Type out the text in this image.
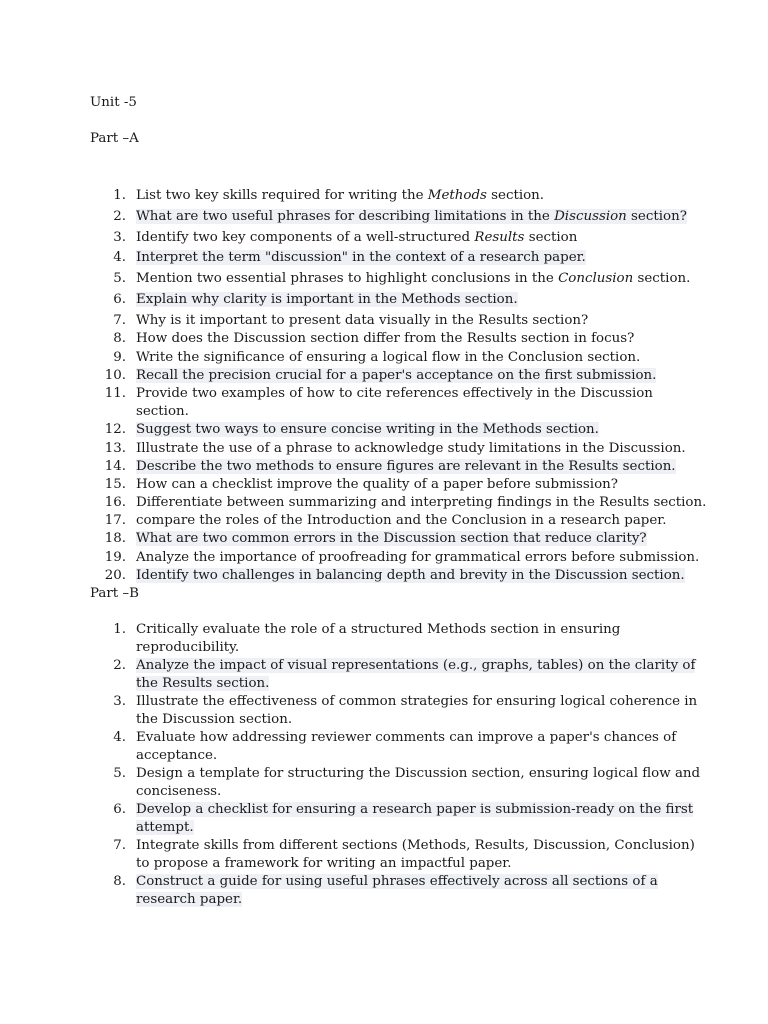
Unit -5
Part –A
1. List two key skills required for writing the Methods section.
2. What are two useful phrases for describing limitations in the Discussion section?
3. Identify two key components of a well-structured Results section
4. Interpret the term "discussion" in the context of a research paper.
5. Mention two essential phrases to highlight conclusions in the Conclusion section.
6. Explain why clarity is important in the Methods section.
7. Why is it important to present data visually in the Results section?
8. How does the Discussion section differ from the Results section in focus?
9. Write the significance of ensuring a logical flow in the Conclusion section.
10. Recall the precision crucial for a paper's acceptance on the first submission.
11. Provide two examples of how to cite references effectively in the Discussion section.
12. Suggest two ways to ensure concise writing in the Methods section.
13. Illustrate the use of a phrase to acknowledge study limitations in the Discussion.
14. Describe the two methods to ensure figures are relevant in the Results section.
15. How can a checklist improve the quality of a paper before submission?
16. Differentiate between summarizing and interpreting findings in the Results section.
17. compare the roles of the Introduction and the Conclusion in a research paper.
18. What are two common errors in the Discussion section that reduce clarity?
19. Analyze the importance of proofreading for grammatical errors before submission.
20. Identify two challenges in balancing depth and brevity in the Discussion section.
Part –B
1. Critically evaluate the role of a structured Methods section in ensuring reproducibility.
2. Analyze the impact of visual representations (e.g., graphs, tables) on the clarity of the Results section.
3. Illustrate the effectiveness of common strategies for ensuring logical coherence in the Discussion section.
4. Evaluate how addressing reviewer comments can improve a paper's chances of acceptance.
5. Design a template for structuring the Discussion section, ensuring logical flow and conciseness.
6. Develop a checklist for ensuring a research paper is submission-ready on the first attempt.
7. Integrate skills from different sections (Methods, Results, Discussion, Conclusion) to propose a framework for writing an impactful paper.
8. Construct a guide for using useful phrases effectively across all sections of a research paper.
